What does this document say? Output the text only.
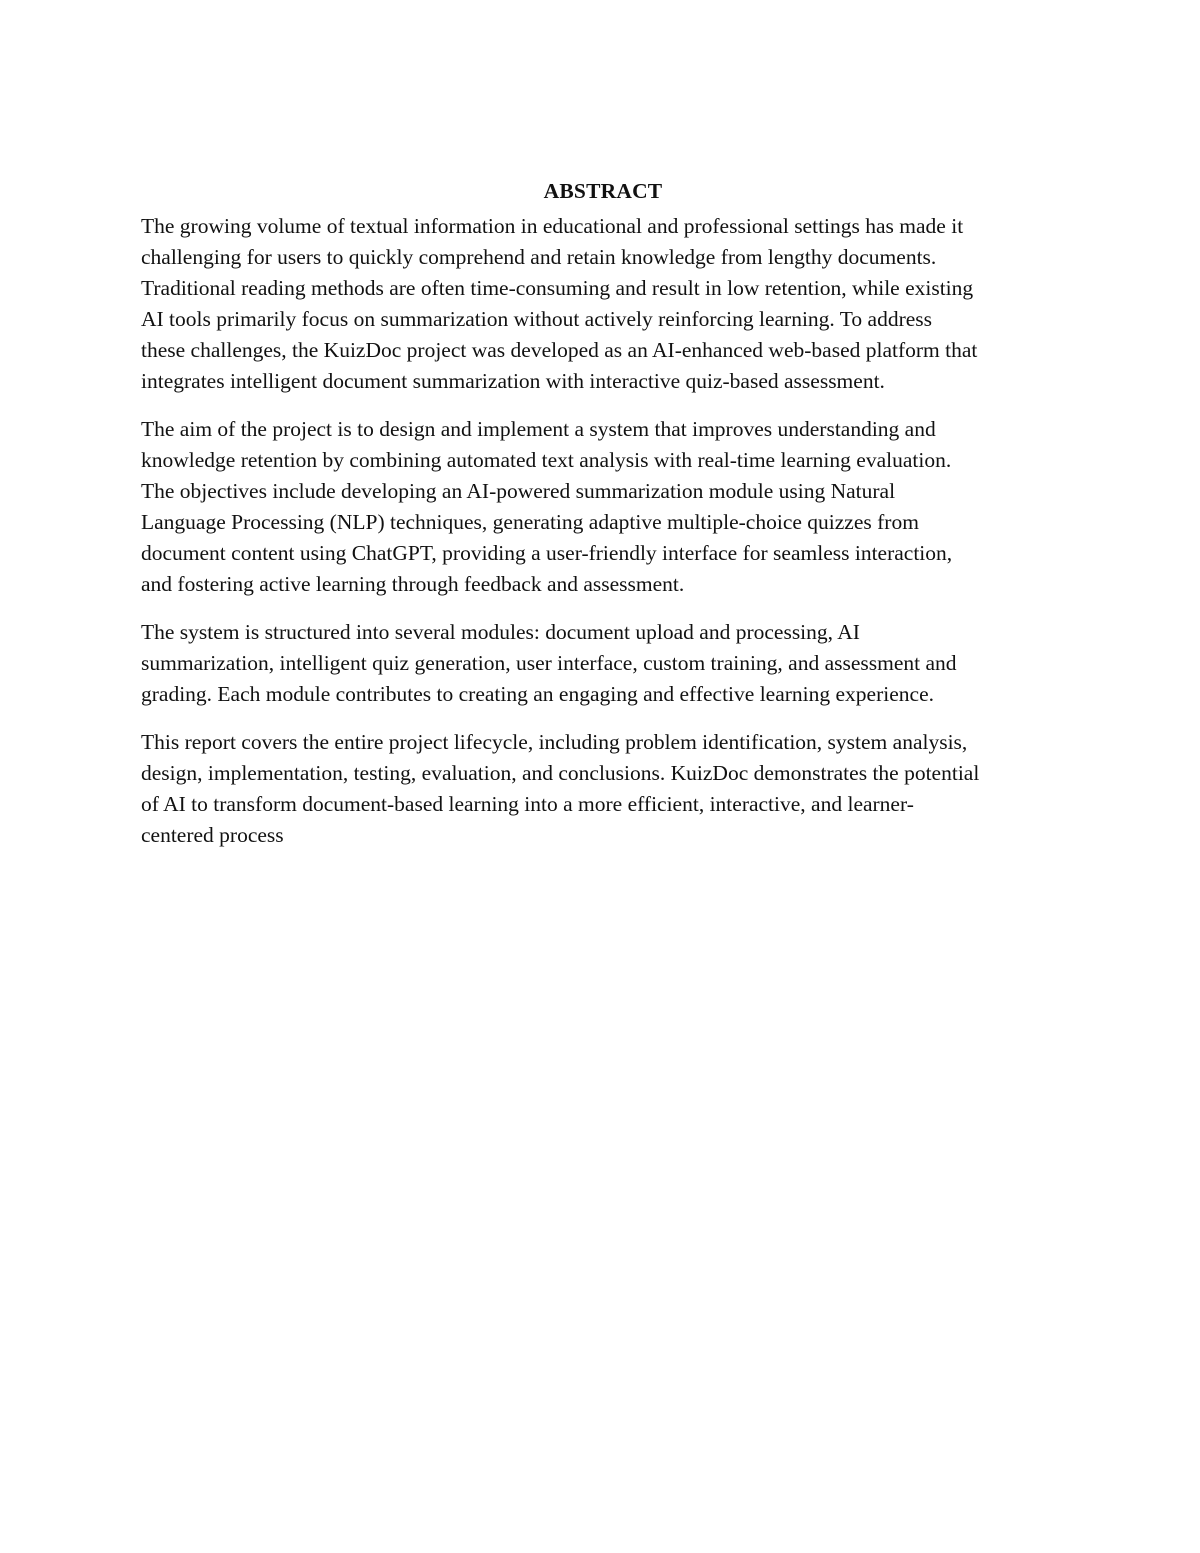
ABSTRACT
The growing volume of textual information in educational and professional settings has made it
challenging for users to quickly comprehend and retain knowledge from lengthy documents.
Traditional reading methods are often time-consuming and result in low retention, while existing
AI tools primarily focus on summarization without actively reinforcing learning. To address
these challenges, the KuizDoc project was developed as an AI-enhanced web-based platform that
integrates intelligent document summarization with interactive quiz-based assessment.
The aim of the project is to design and implement a system that improves understanding and
knowledge retention by combining automated text analysis with real-time learning evaluation.
The objectives include developing an AI-powered summarization module using Natural
Language Processing (NLP) techniques, generating adaptive multiple-choice quizzes from
document content using ChatGPT, providing a user-friendly interface for seamless interaction,
and fostering active learning through feedback and assessment.
The system is structured into several modules: document upload and processing, AI
summarization, intelligent quiz generation, user interface, custom training, and assessment and
grading. Each module contributes to creating an engaging and effective learning experience.
This report covers the entire project lifecycle, including problem identification, system analysis,
design, implementation, testing, evaluation, and conclusions. KuizDoc demonstrates the potential
of AI to transform document-based learning into a more efficient, interactive, and learner-
centered process
